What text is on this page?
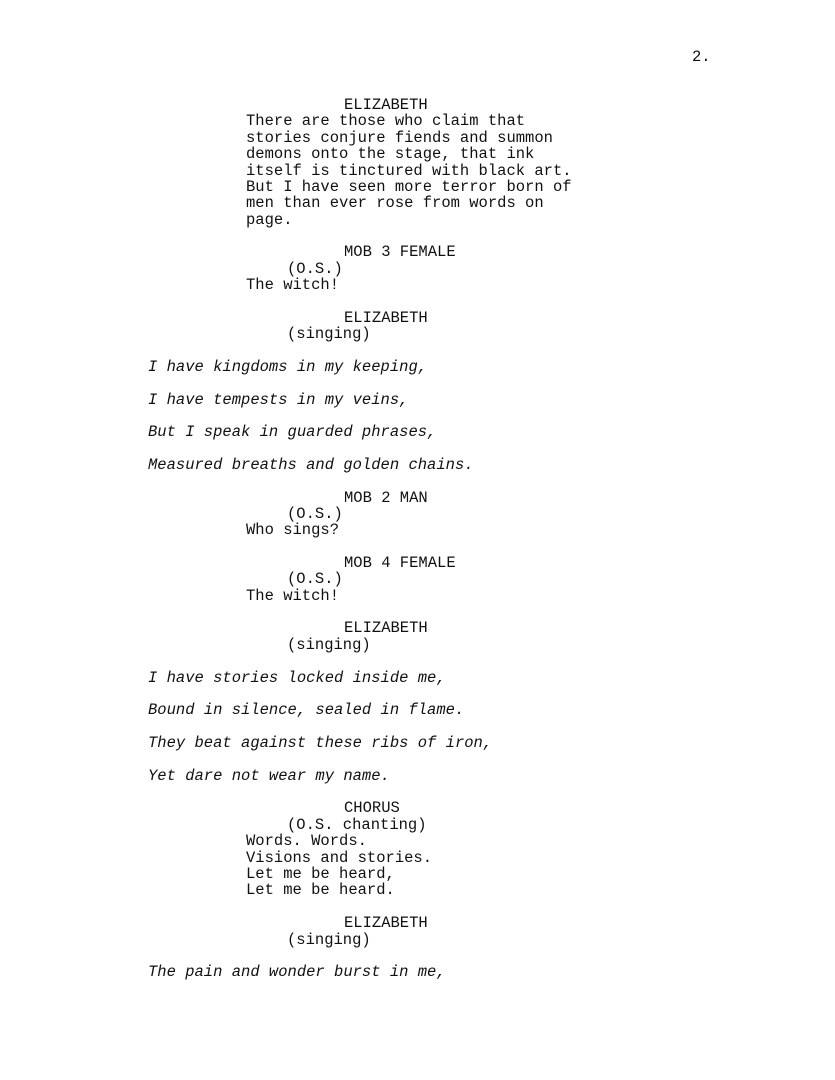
2.
ELIZABETH
There are those who claim that
stories conjure fiends and summon
demons onto the stage, that ink
itself is tinctured with black art.
But I have seen more terror born of
men than ever rose from words on
page.
MOB 3 FEMALE
(O.S.)
The witch!
ELIZABETH
(singing)
I have kingdoms in my keeping,
I have tempests in my veins,
But I speak in guarded phrases,
Measured breaths and golden chains.
MOB 2 MAN
(O.S.)
Who sings?
MOB 4 FEMALE
(O.S.)
The witch!
ELIZABETH
(singing)
I have stories locked inside me,
Bound in silence, sealed in flame.
They beat against these ribs of iron,
Yet dare not wear my name.
CHORUS
(O.S. chanting)
Words. Words.
Visions and stories.
Let me be heard,
Let me be heard.
ELIZABETH
(singing)
The pain and wonder burst in me,
